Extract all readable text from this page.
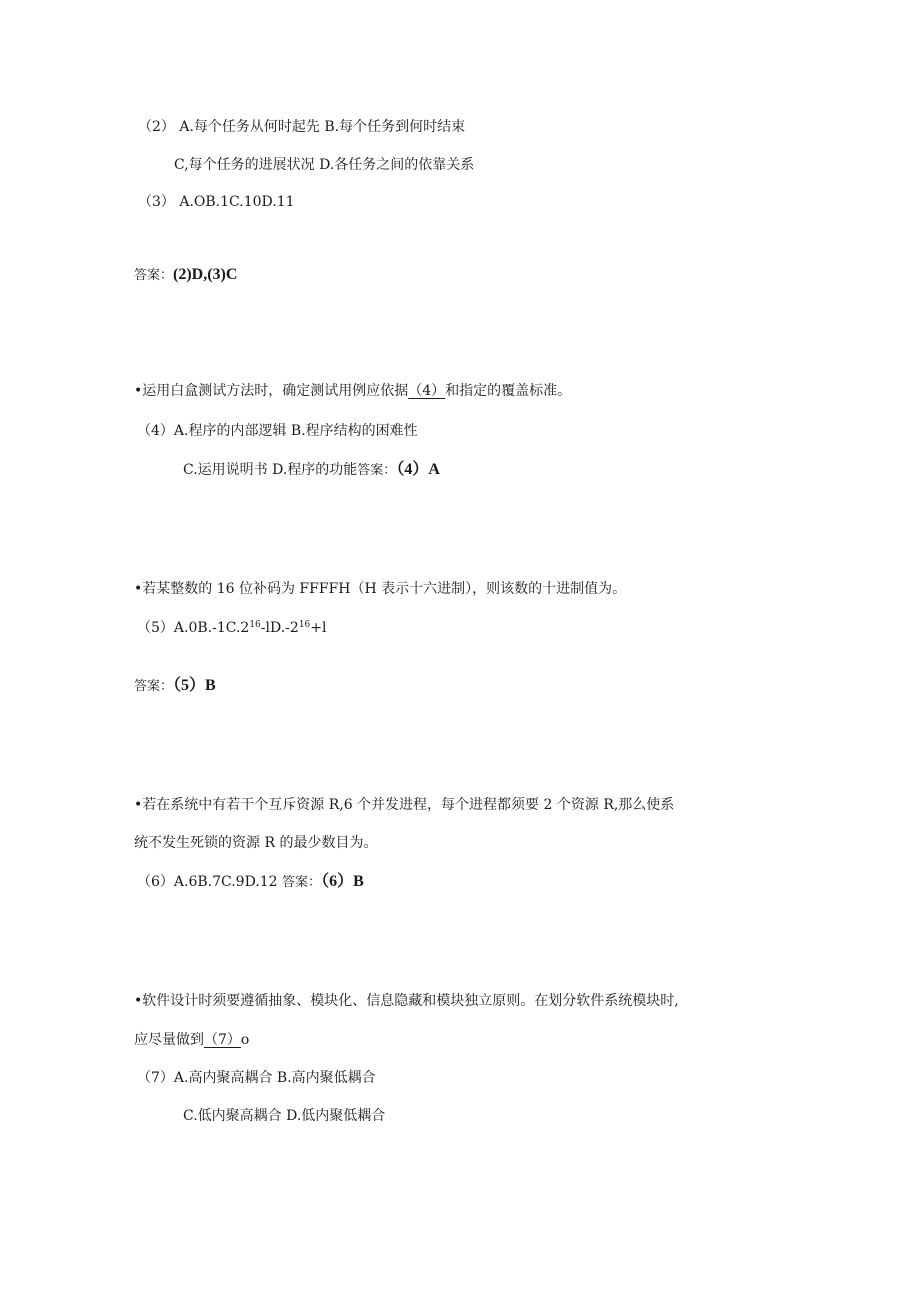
（2） A.每个任务从何时起先 B.每个任务到何时结束
C,每个任务的进展状况 D.各任务之间的依靠关系
（3） A.OB.1C.10D.11
答案：(2)D,(3)C
•运用白盒测试方法时，确定测试用例应依据（4）和指定的覆盖标准。
（4）A.程序的内部逻辑 B.程序结构的困难性
C.运用说明书 D.程序的功能答案：（4）A
•若某整数的 16 位补码为 FFFFH（H 表示十六进制），则该数的十进制值为。
$(5)A.0B.-1C.2^{16}-lD.-2^{16}+l$
答案：（5）B
•若在系统中有若干个互斥资源 R,6 个并发进程，每个进程都须要 2 个资源 R,那么使系
统不发生死锁的资源 R 的最少数目为。
（6）A.6B.7C.9D.12 答案：（6）B
•软件设计时须要遵循抽象、模块化、信息隐藏和模块独立原则。在划分软件系统模块时,
应尽量做到（7）o
（7）A.高内聚高耦合 B.高内聚低耦合
C.低内聚高耦合 D.低内聚低耦合
